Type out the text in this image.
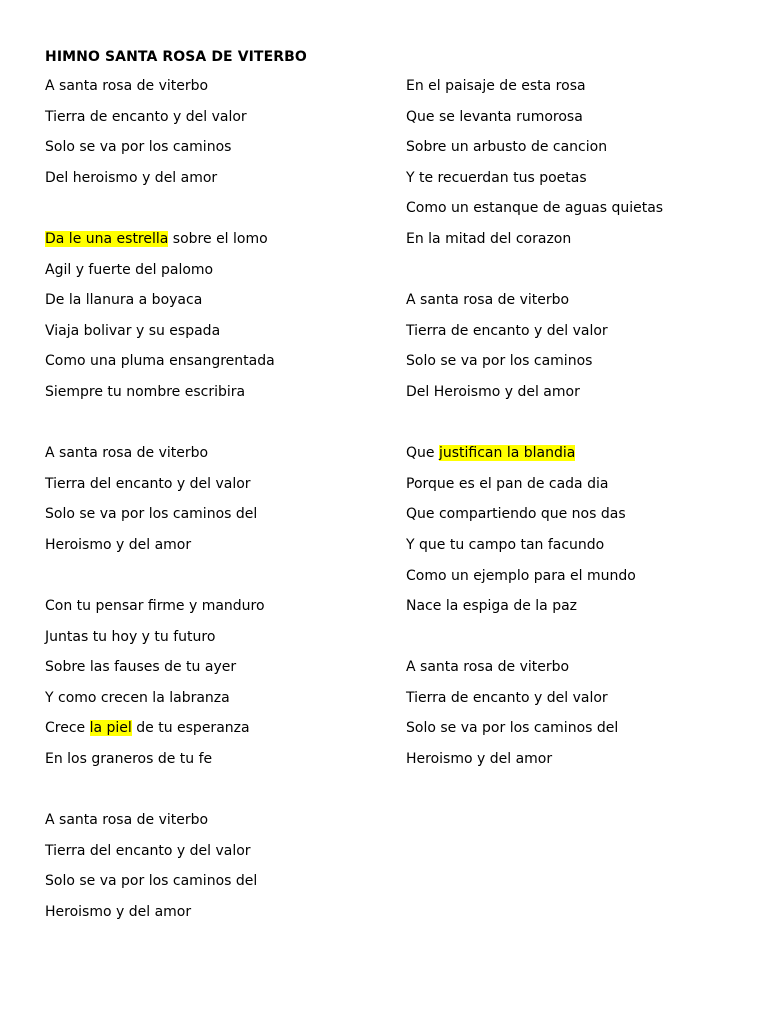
HIMNO SANTA ROSA DE VITERBO
A santa rosa de viterbo
Tierra de encanto y del valor
Solo se va por los caminos
Del heroismo y del amor
Da le una estrella sobre el lomo
Agil y fuerte del palomo
De la llanura a boyaca
Viaja bolivar y su espada
Como una pluma ensangrentada
Siempre tu nombre escribira
A santa rosa de viterbo
Tierra del encanto y del valor
Solo se va por los caminos del
Heroismo y del amor
Con tu pensar firme y manduro
Juntas tu hoy y tu futuro
Sobre las fauses de tu ayer
Y como crecen la labranza
Crece la piel de tu esperanza
En los graneros de tu fe
A santa rosa de viterbo
Tierra del encanto y del valor
Solo se va por los caminos del
Heroismo y del amor
En el paisaje de esta rosa
Que se levanta rumorosa
Sobre un arbusto de cancion
Y te recuerdan tus poetas
Como un estanque de aguas quietas
En la mitad del corazon
A santa rosa de viterbo
Tierra de encanto y del valor
Solo se va por los caminos
Del Heroismo y del amor
Que justifican la blandia
Porque es el pan de cada dia
Que compartiendo que nos das
Y que tu campo tan facundo
Como un ejemplo para el mundo
Nace la espiga de la paz
A santa rosa de viterbo
Tierra de encanto y del valor
Solo se va por los caminos del
Heroismo y del amor
